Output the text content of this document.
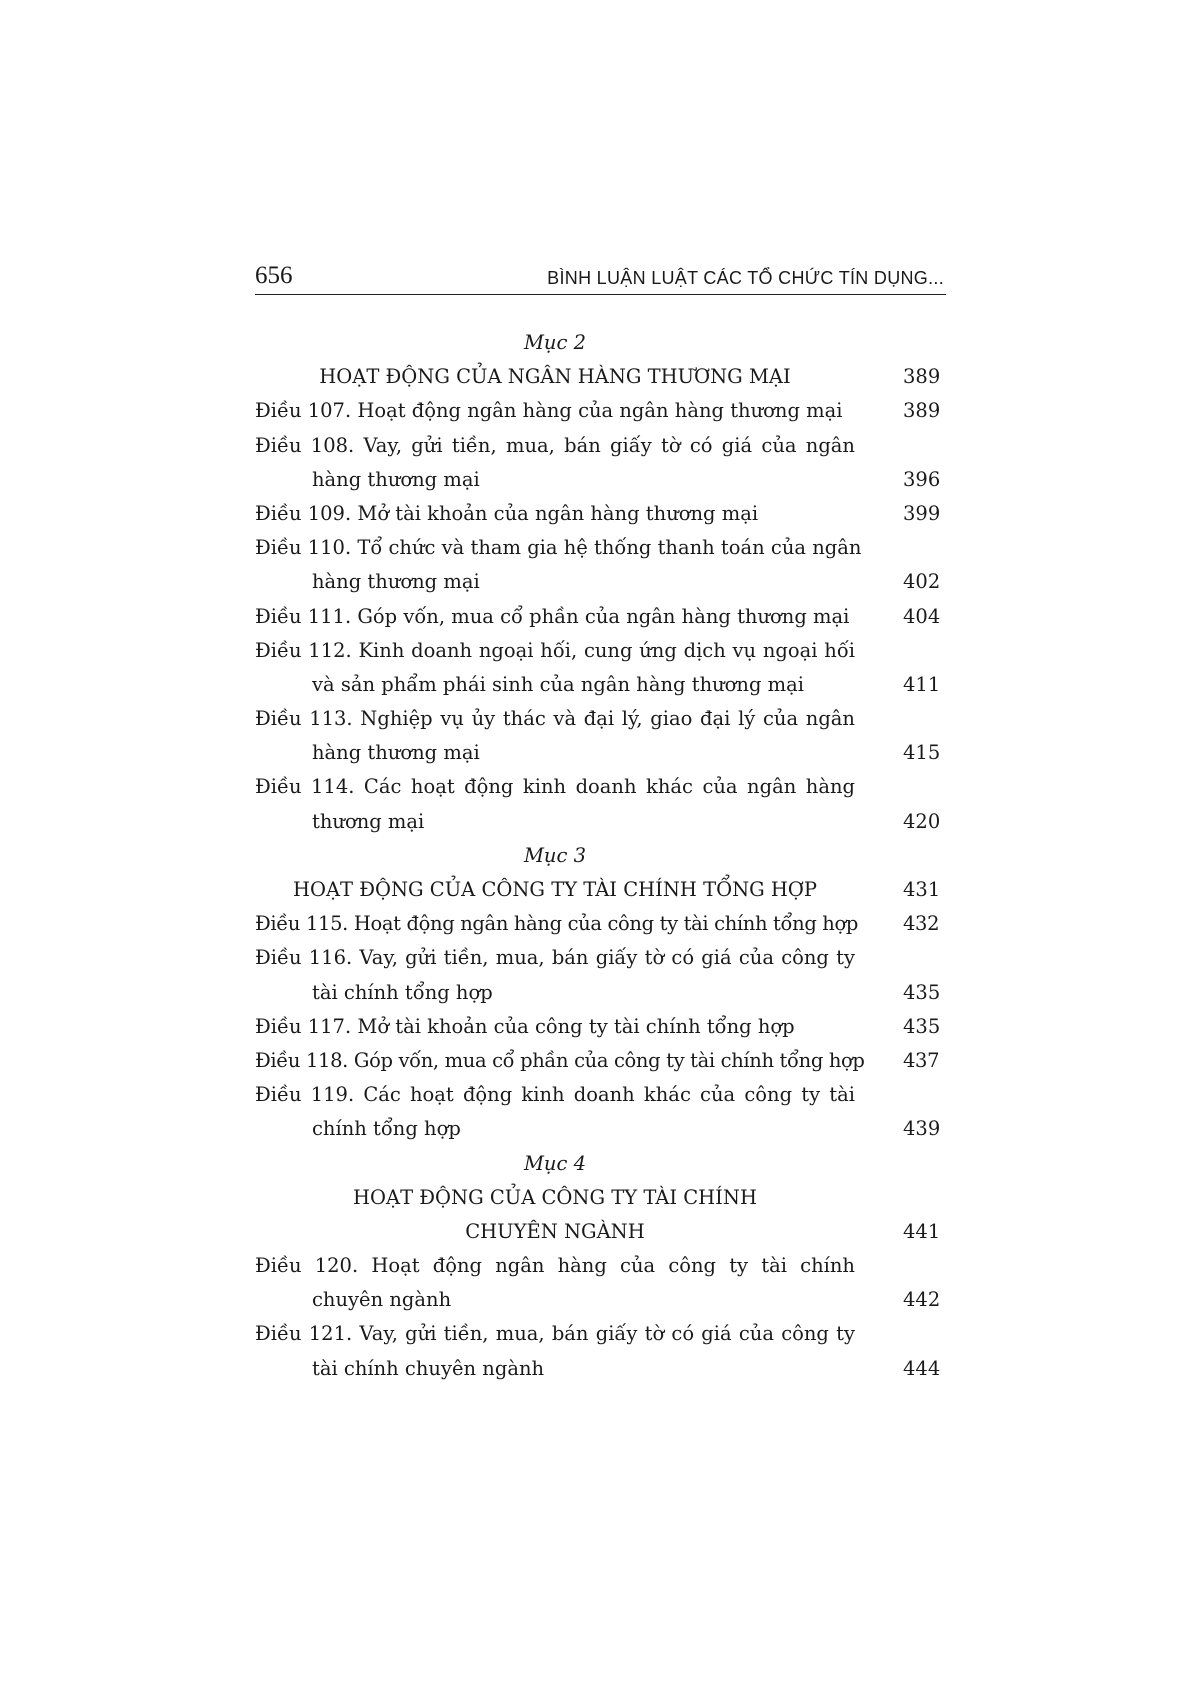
656	BÌNH LUẬN LUẬT CÁC TỔ CHỨC TÍN DỤNG...
Mục 2
HOẠT ĐỘNG CỦA NGÂN HÀNG THƯƠNG MẠI	389
Điều 107. Hoạt động ngân hàng của ngân hàng thương mại	389
Điều 108. Vay, gửi tiền, mua, bán giấy tờ có giá của ngân
hàng thương mại	396
Điều 109. Mở tài khoản của ngân hàng thương mại	399
Điều 110. Tổ chức và tham gia hệ thống thanh toán của ngân
hàng thương mại	402
Điều 111. Góp vốn, mua cổ phần của ngân hàng thương mại	404
Điều 112. Kinh doanh ngoại hối, cung ứng dịch vụ ngoại hối
và sản phẩm phái sinh của ngân hàng thương mại	411
Điều 113. Nghiệp vụ ủy thác và đại lý, giao đại lý của ngân
hàng thương mại	415
Điều 114. Các hoạt động kinh doanh khác của ngân hàng
thương mại	420
Mục 3
HOẠT ĐỘNG CỦA CÔNG TY TÀI CHÍNH TỔNG HỢP	431
Điều 115. Hoạt động ngân hàng của công ty tài chính tổng hợp 432
Điều 116. Vay, gửi tiền, mua, bán giấy tờ có giá của công ty
tài chính tổng hợp	435
Điều 117. Mở tài khoản của công ty tài chính tổng hợp	435
Điều 118. Góp vốn, mua cổ phần của công ty tài chính tổng hợp 437
Điều 119. Các hoạt động kinh doanh khác của công ty tài
chính tổng hợp	439
Mục 4
HOẠT ĐỘNG CỦA CÔNG TY TÀI CHÍNH
CHUYÊN NGÀNH	441
Điều 120. Hoạt động ngân hàng của công ty tài chính
chuyên ngành	442
Điều 121. Vay, gửi tiền, mua, bán giấy tờ có giá của công ty
tài chính chuyên ngành	444
